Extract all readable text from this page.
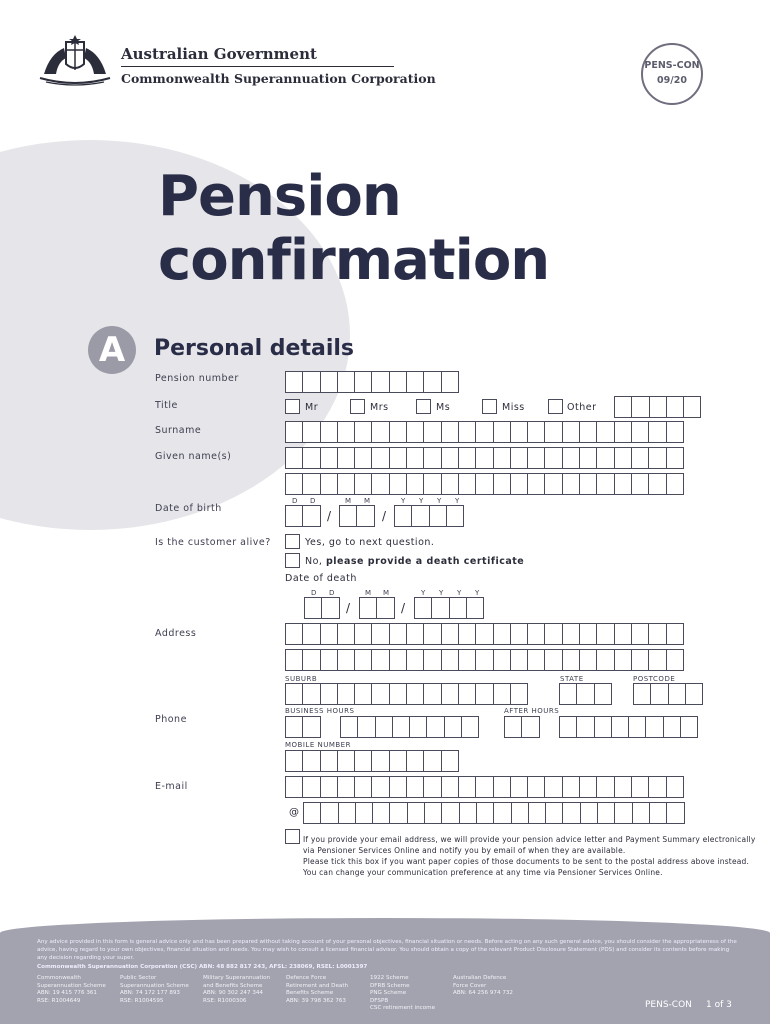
Australian Government
Commonwealth Superannuation Corporation
PENS-CON
09/20
Pension
confirmation
A	Personal details
Pension number
Title	Mr	Mrs	Ms	Miss	Other
Surname
Given name(s)
D D	M M	Y Y Y Y
Date of birth
/	/
Is the customer alive?	Yes, go to next question.
No, please provide a death certificate
Date of death
D D	M M	Y Y Y Y
/	/
Address
SUBURB	STATE	POSTCODE
BUSINESS HOURS	AFTER HOURS
Phone
MOBILE NUMBER
E-mail
@
If you provide your email address, we will provide your pension advice letter and Payment Summary electronically
via Pensioner Services Online and notify you by email of when they are available.
Please tick this box if you want paper copies of those documents to be sent to the postal address above instead.
You can change your communication preference at any time via Pensioner Services Online.
Any advice provided in this form is general advice only and has been prepared without taking account of your personal objectives, financial situation or needs. Before acting on any such general advice, you should consider the appropriateness of the advice, having regard to your own objectives, financial situation and needs. You may wish to consult a licensed financial advisor. You should obtain a copy of the relevant Product Disclosure Statement (PDS) and consider its contents before making any decision regarding your super.
Commonwealth Superannuation Corporation (CSC) ABN: 48 882 817 243, AFSL: 238069, RSEL: L0001397
Commonwealth
Superannuation Scheme
ABN: 19 415 776 361
RSE: R1004649
Public Sector
Superannuation Scheme
ABN: 74 172 177 893
RSE: R1004595
Military Superannuation
and Benefits Scheme
ABN: 90 302 247 344
RSE: R1000306
Defence Force
Retirement and Death
Benefits Scheme
ABN: 39 798 362 763
1922 Scheme
DFRB Scheme
PNG Scheme
DFSPB
CSC retirement income
Australian Defence
Force Cover
ABN: 64 256 974 732
PENS-CON 1 of 3
